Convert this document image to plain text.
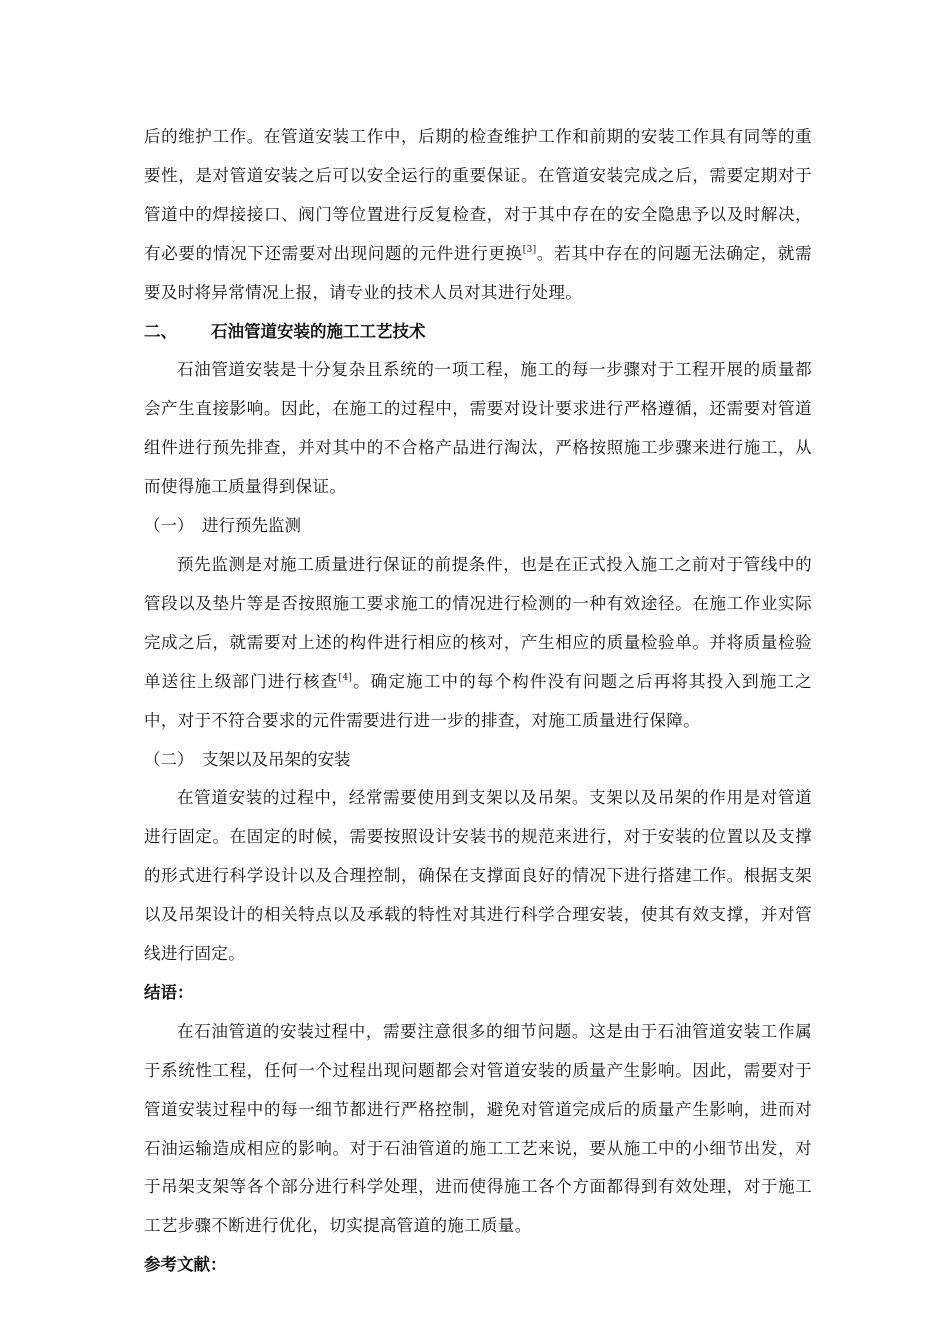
后的维护工作。在管道安装工作中，后期的检查维护工作和前期的安装工作具有同等的重要性，是对管道安装之后可以安全运行的重要保证。在管道安装完成之后，需要定期对于管道中的焊接接口、阀门等位置进行反复检查，对于其中存在的安全隐患予以及时解决，有必要的情况下还需要对出现问题的元件进行更换[3]。若其中存在的问题无法确定，就需要及时将异常情况上报，请专业的技术人员对其进行处理。

二、 石油管道安装的施工工艺技术

石油管道安装是十分复杂且系统的一项工程，施工的每一步骤对于工程开展的质量都会产生直接影响。因此，在施工的过程中，需要对设计要求进行严格遵循，还需要对管道组件进行预先排查，并对其中的不合格产品进行淘汰，严格按照施工步骤来进行施工，从而使得施工质量得到保证。

（一） 进行预先监测

预先监测是对施工质量进行保证的前提条件，也是在正式投入施工之前对于管线中的管段以及垫片等是否按照施工要求施工的情况进行检测的一种有效途径。在施工作业实际完成之后，就需要对上述的构件进行相应的核对，产生相应的质量检验单。并将质量检验单送往上级部门进行核查[4]。确定施工中的每个构件没有问题之后再将其投入到施工之中，对于不符合要求的元件需要进行进一步的排查，对施工质量进行保障。

（二） 支架以及吊架的安装

在管道安装的过程中，经常需要使用到支架以及吊架。支架以及吊架的作用是对管道进行固定。在固定的时候，需要按照设计安装书的规范来进行，对于安装的位置以及支撑的形式进行科学设计以及合理控制，确保在支撑面良好的情况下进行搭建工作。根据支架以及吊架设计的相关特点以及承载的特性对其进行科学合理安装，使其有效支撑，并对管线进行固定。

结语：

在石油管道的安装过程中，需要注意很多的细节问题。这是由于石油管道安装工作属于系统性工程，任何一个过程出现问题都会对管道安装的质量产生影响。因此，需要对于管道安装过程中的每一细节都进行严格控制，避免对管道完成后的质量产生影响，进而对石油运输造成相应的影响。对于石油管道的施工工艺来说，要从施工中的小细节出发，对于吊架支架等各个部分进行科学处理，进而使得施工各个方面都得到有效处理，对于施工工艺步骤不断进行优化，切实提高管道的施工质量。

参考文献：
